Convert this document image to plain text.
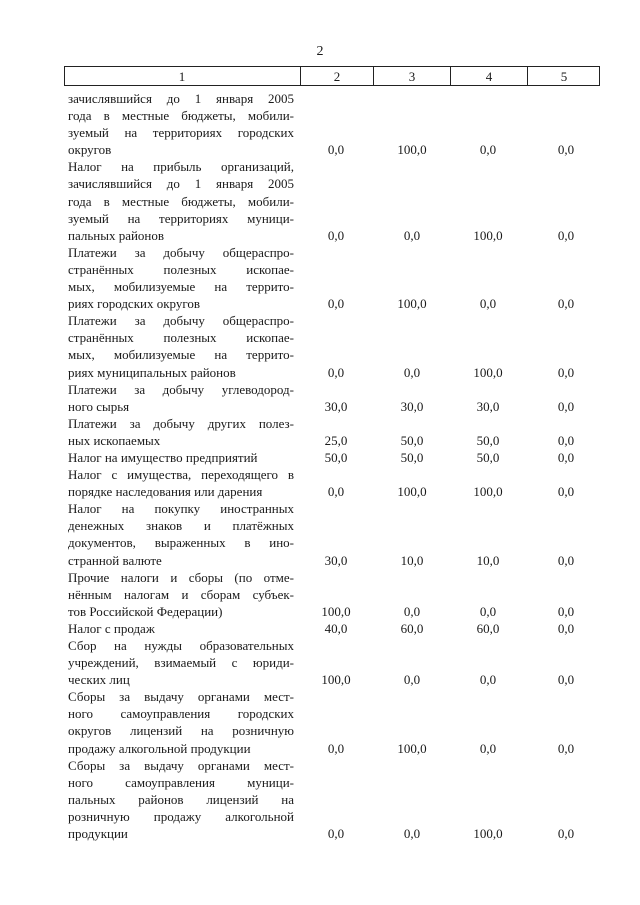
2
1	2	3	4	5
зачислявшийся до 1 января 2005
года в местные бюджеты, мобили-
зуемый на территориях городских
округов	0,0	100,0	0,0	0,0
Налог на прибыль организаций,
зачислявшийся до 1 января 2005
года в местные бюджеты, мобили-
зуемый на территориях муници-
пальных районов	0,0	0,0	100,0	0,0
Платежи за добычу общераспро-
странённых полезных ископае-
мых, мобилизуемые на террито-
риях городских округов	0,0	100,0	0,0	0,0
Платежи за добычу общераспро-
странённых полезных ископае-
мых, мобилизуемые на террито-
риях муниципальных районов	0,0	0,0	100,0	0,0
Платежи за добычу углеводород-
ного сырья	30,0	30,0	30,0	0,0
Платежи за добычу других полез-
ных ископаемых	25,0	50,0	50,0	0,0
Налог на имущество предприятий	50,0	50,0	50,0	0,0
Налог с имущества, переходящего в
порядке наследования или дарения	0,0	100,0	100,0	0,0
Налог на покупку иностранных
денежных знаков и платёжных
документов, выраженных в ино-
странной валюте	30,0	10,0	10,0	0,0
Прочие налоги и сборы (по отме-
нённым налогам и сборам субъек-
тов Российской Федерации)	100,0	0,0	0,0	0,0
Налог с продаж	40,0	60,0	60,0	0,0
Сбор на нужды образовательных
учреждений, взимаемый с юриди-
ческих лиц	100,0	0,0	0,0	0,0
Сборы за выдачу органами мест-
ного самоуправления городских
округов лицензий на розничную
продажу алкогольной продукции	0,0	100,0	0,0	0,0
Сборы за выдачу органами мест-
ного самоуправления муници-
пальных районов лицензий на
розничную продажу алкогольной
продукции	0,0	0,0	100,0	0,0
